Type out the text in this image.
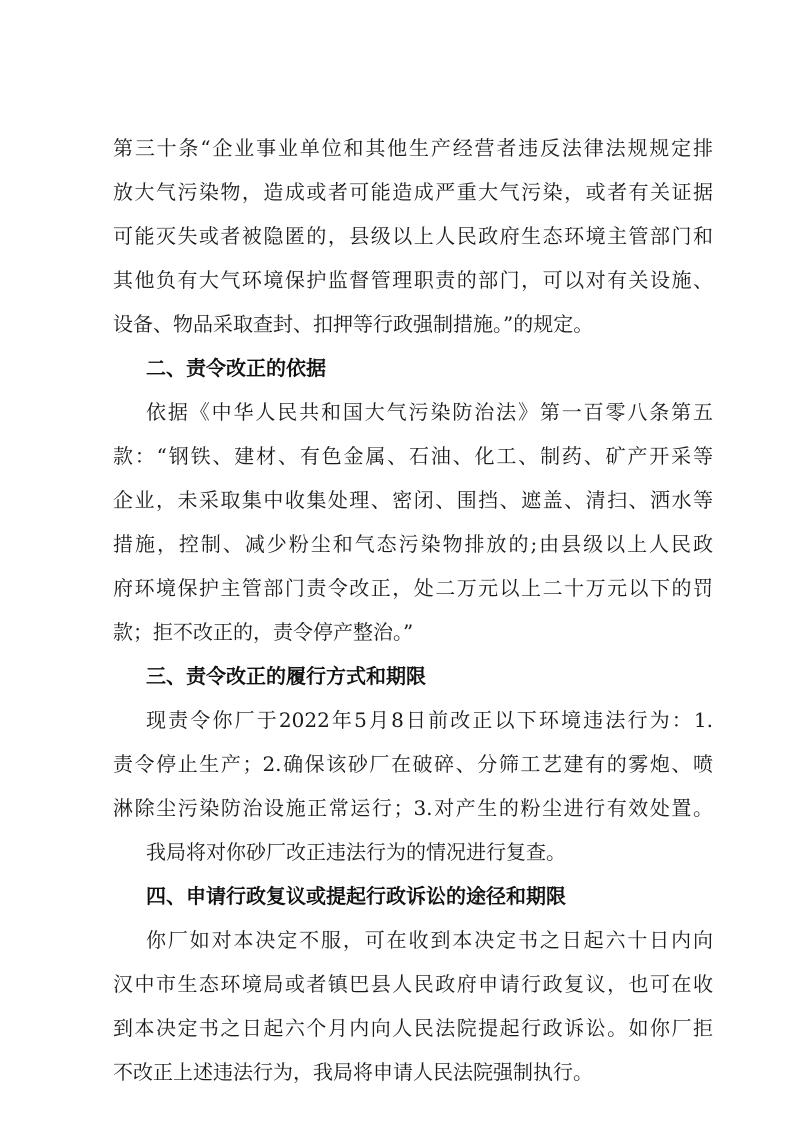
第三十条“企业事业单位和其他生产经营者违反法律法规规定排
放大气污染物，造成或者可能造成严重大气污染，或者有关证据
可能灭失或者被隐匿的，县级以上人民政府生态环境主管部门和
其他负有大气环境保护监督管理职责的部门，可以对有关设施、
设备、物品采取查封、扣押等行政强制措施。”的规定。
二、责令改正的依据
依据《中华人民共和国大气污染防治法》第一百零八条第五
款：“钢铁、建材、有色金属、石油、化工、制药、矿产开采等
企业，未采取集中收集处理、密闭、围挡、遮盖、清扫、洒水等
措施，控制、减少粉尘和气态污染物排放的;由县级以上人民政
府环境保护主管部门责令改正，处二万元以上二十万元以下的罚
款；拒不改正的，责令停产整治。”
三、责令改正的履行方式和期限
现责令你厂于2022年5月8日前改正以下环境违法行为：1.
责令停止生产；2.确保该砂厂在破碎、分筛工艺建有的雾炮、喷
淋除尘污染防治设施正常运行；3.对产生的粉尘进行有效处置。
我局将对你砂厂改正违法行为的情况进行复查。
四、申请行政复议或提起行政诉讼的途径和期限
你厂如对本决定不服，可在收到本决定书之日起六十日内向
汉中市生态环境局或者镇巴县人民政府申请行政复议，也可在收
到本决定书之日起六个月内向人民法院提起行政诉讼。如你厂拒
不改正上述违法行为，我局将申请人民法院强制执行。
